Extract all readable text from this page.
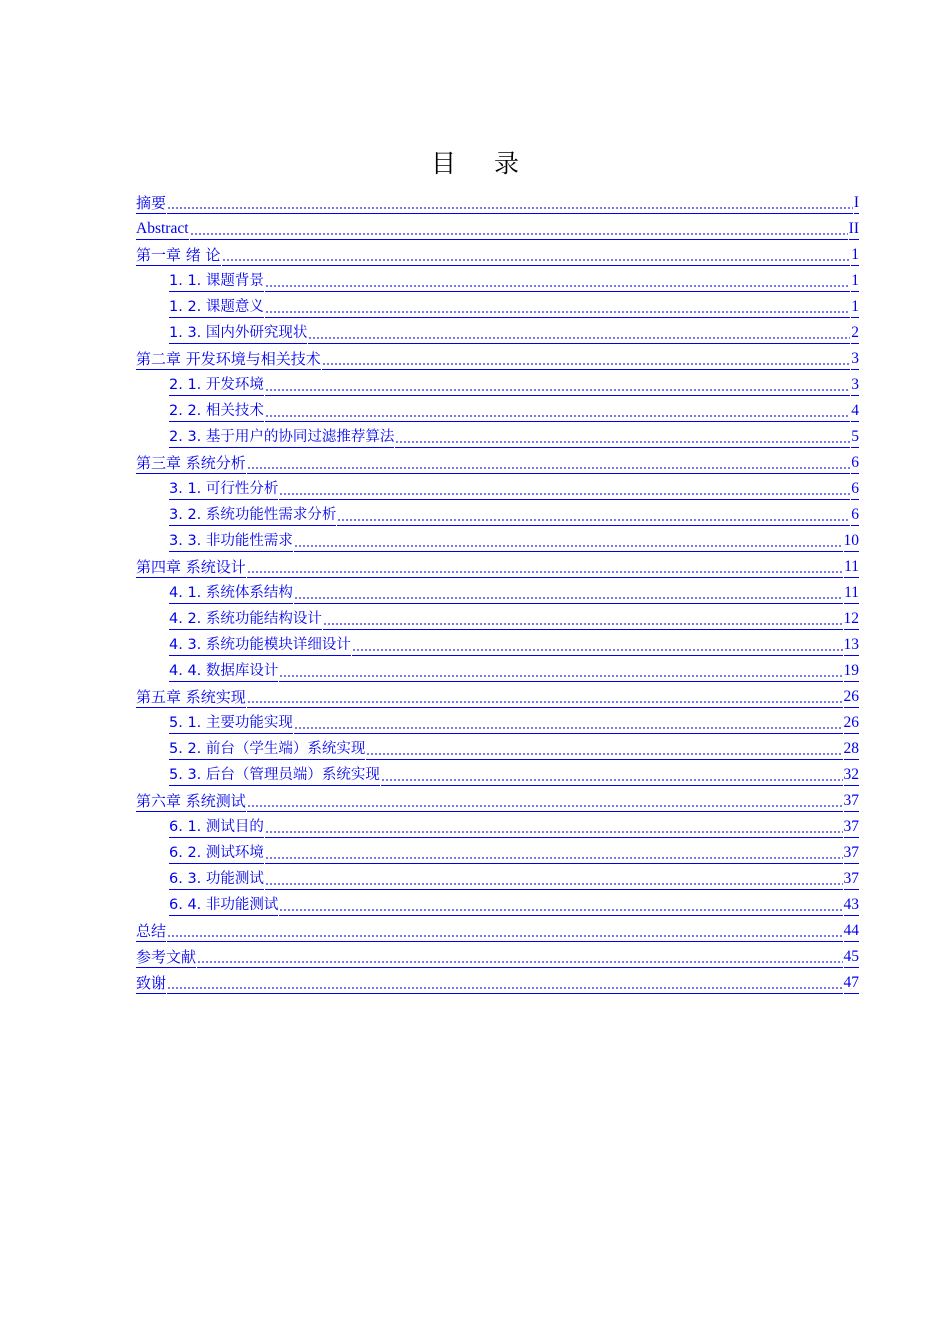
目录
摘要	I
Abstract	II
第一章 绪 论	1
1. 1. 课题背景	1
1. 2. 课题意义	1
1. 3. 国内外研究现状	2
第二章 开发环境与相关技术	3
2. 1. 开发环境	3
2. 2. 相关技术	4
2. 3. 基于用户的协同过滤推荐算法	5
第三章 系统分析	6
3. 1. 可行性分析	6
3. 2. 系统功能性需求分析	6
3. 3. 非功能性需求	10
第四章 系统设计	11
4. 1. 系统体系结构	11
4. 2. 系统功能结构设计	12
4. 3. 系统功能模块详细设计	13
4. 4. 数据库设计	19
第五章 系统实现	26
5. 1. 主要功能实现	26
5. 2. 前台（学生端）系统实现	28
5. 3. 后台（管理员端）系统实现	32
第六章 系统测试	37
6. 1. 测试目的	37
6. 2. 测试环境	37
6. 3. 功能测试	37
6. 4. 非功能测试	43
总结	44
参考文献	45
致谢	47
